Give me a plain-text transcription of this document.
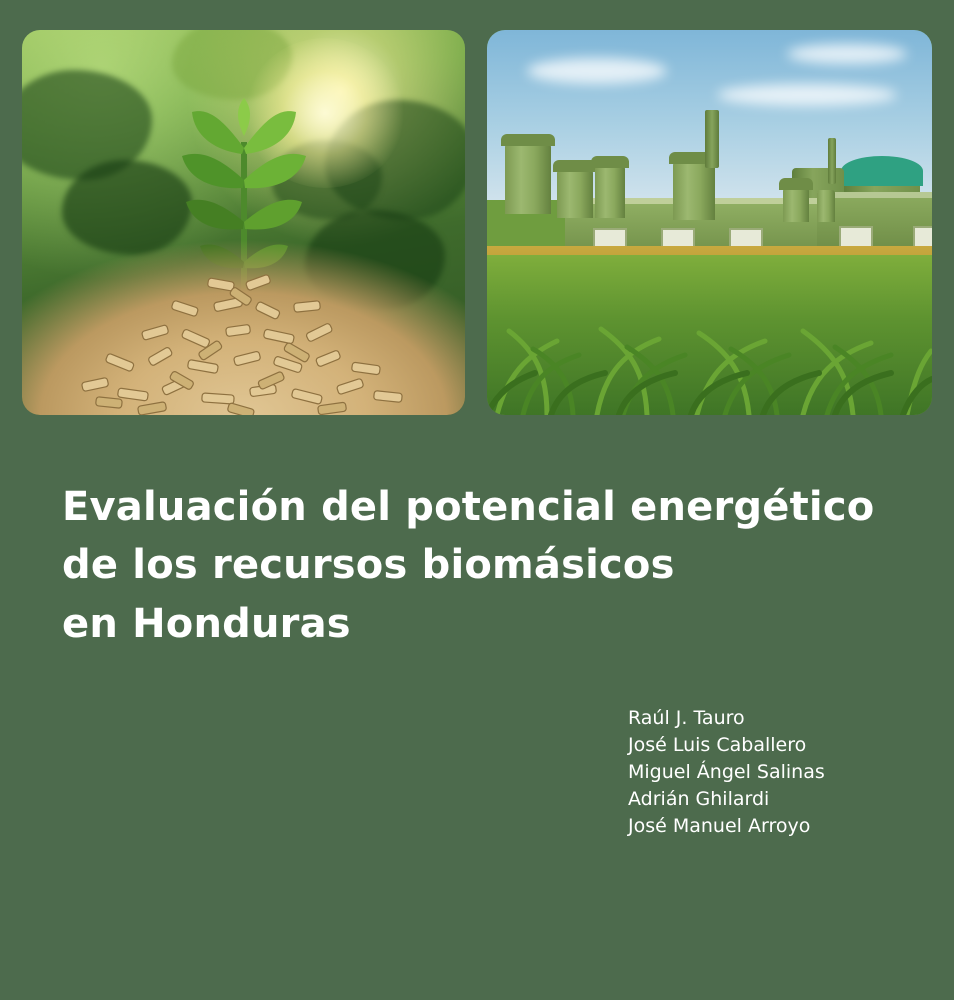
Evaluación del potencial energético
de los recursos biomásicos
en Honduras
Raúl J. Tauro
José Luis Caballero
Miguel Ángel Salinas
Adrián Ghilardi
José Manuel Arroyo
